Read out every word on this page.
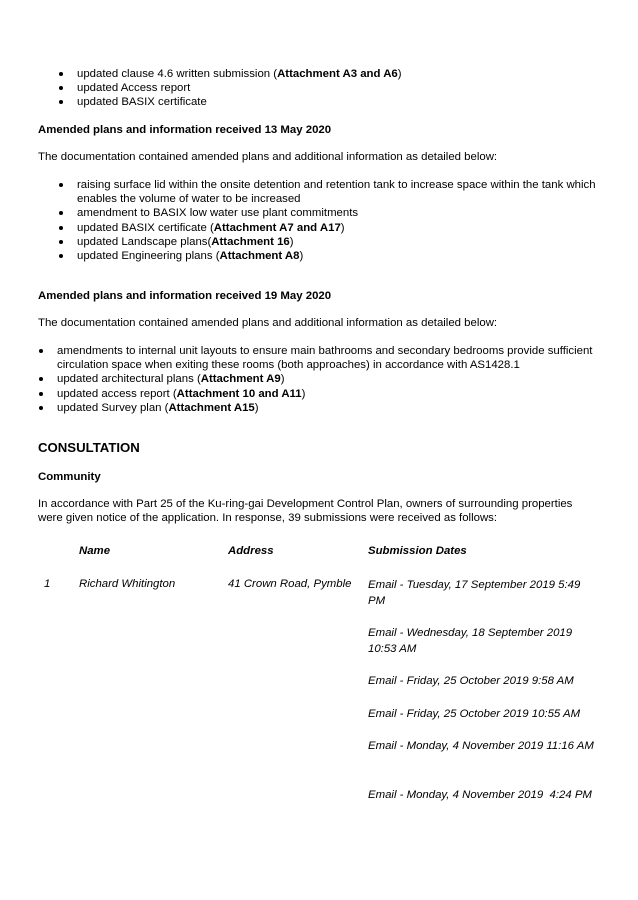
updated clause 4.6 written submission (Attachment A3 and A6)
updated Access report
updated BASIX certificate
Amended plans and information received 13 May 2020
The documentation contained amended plans and additional information as detailed below:
raising surface lid within the onsite detention and retention tank to increase space within the tank which enables the volume of water to be increased
amendment to BASIX low water use plant commitments
updated BASIX certificate (Attachment A7 and A17)
updated Landscape plans(Attachment 16)
updated Engineering plans (Attachment A8)
Amended plans and information received 19 May 2020
The documentation contained amended plans and additional information as detailed below:
amendments to internal unit layouts to ensure main bathrooms and secondary bedrooms provide sufficient circulation space when exiting these rooms (both approaches) in accordance with AS1428.1
updated architectural plans (Attachment A9)
updated access report (Attachment 10 and A11)
updated Survey plan (Attachment A15)
CONSULTATION
Community
In accordance with Part 25 of the Ku-ring-gai Development Control Plan, owners of surrounding properties were given notice of the application. In response, 39 submissions were received as follows:
Name	Address	Submission Dates
1	Richard Whitington	41 Crown Road, Pymble Email - Tuesday, 17 September 2019 5:49 PM
Email - Wednesday, 18 September 2019 10:53 AM
Email - Friday, 25 October 2019 9:58 AM
Email - Friday, 25 October 2019 10:55 AM
Email - Monday, 4 November 2019 11:16 AM
Email - Monday, 4 November 2019  4:24 PM
